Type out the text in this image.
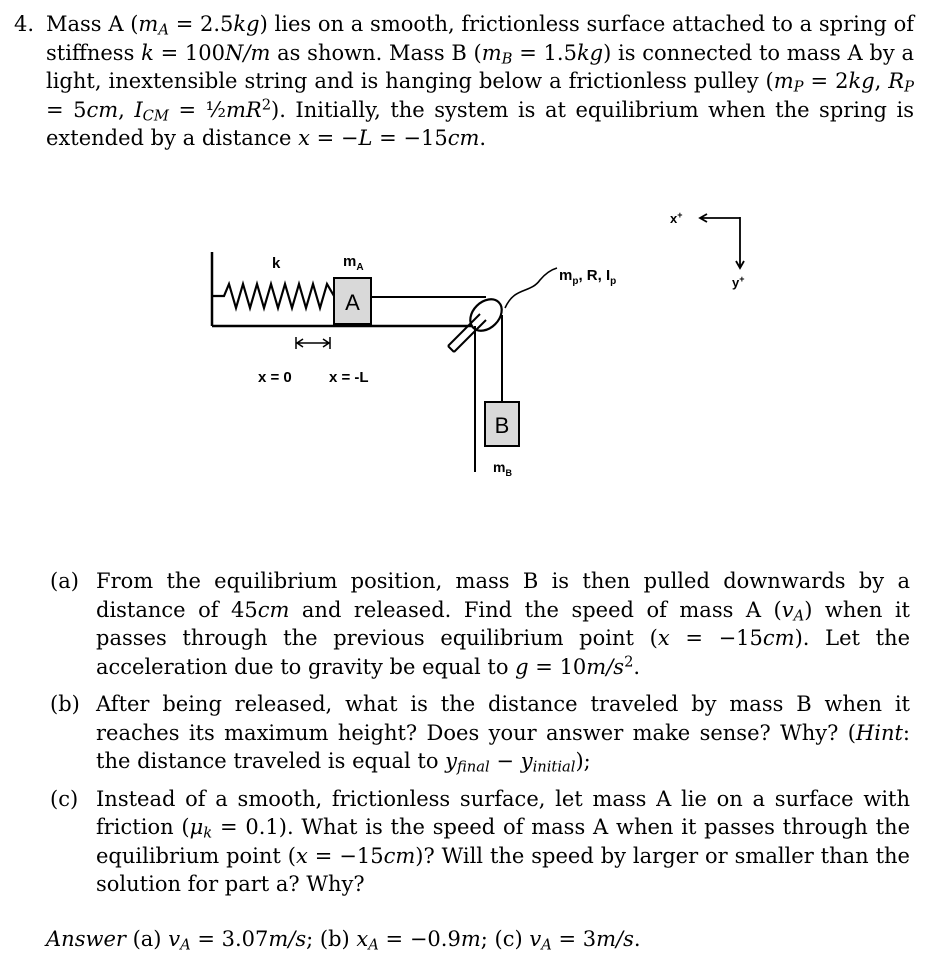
4. Mass A $(m_A = 2.5kg)$ lies on a smooth, frictionless surface attached to a spring of stiffness k = 100N/m as shown. Mass B $(m_B = 1.5kg)$ is connected to mass A by a light, inextensible string and is hanging below a frictionless pulley ($m_P = 2kg$, $R_P = 5cm$, $I_{CM}$ = $\frac{1}{2}mR^2$). Initially, the system is at equilibrium when the spring is extended by a distance x = −L = −15cm.
A
B
k	$m_A$	$m_p$, R, $I_p$
$m_B$
x = 0 x = -L
x+
y+
(a) From the equilibrium position, mass B is then pulled downwards by a distance of 45cm and released. Find the speed of mass A $(v_A)$ when it passes through the previous equilibrium point (x = −15cm). Let the acceleration due to gravity be equal to $g = 10m/s^2$.
(b) After being released, what is the distance traveled by mass B when it reaches its maximum height? Does your answer make sense? Why? (Hint: the distance traveled is equal to $y_{final} - y_{initial}$);
(c) Instead of a smooth, frictionless surface, let mass A lie on a surface with friction $(\mu_k = 0.1)$. What is the speed of mass A when it passes through the equilibrium point (x = −15cm)? Will the speed by larger or smaller than the solution for part a? Why?
Answer (a) $v_A = 3.07m/s$; (b) $x_A = -0.9m$; (c) $v_A = 3m/s$.
